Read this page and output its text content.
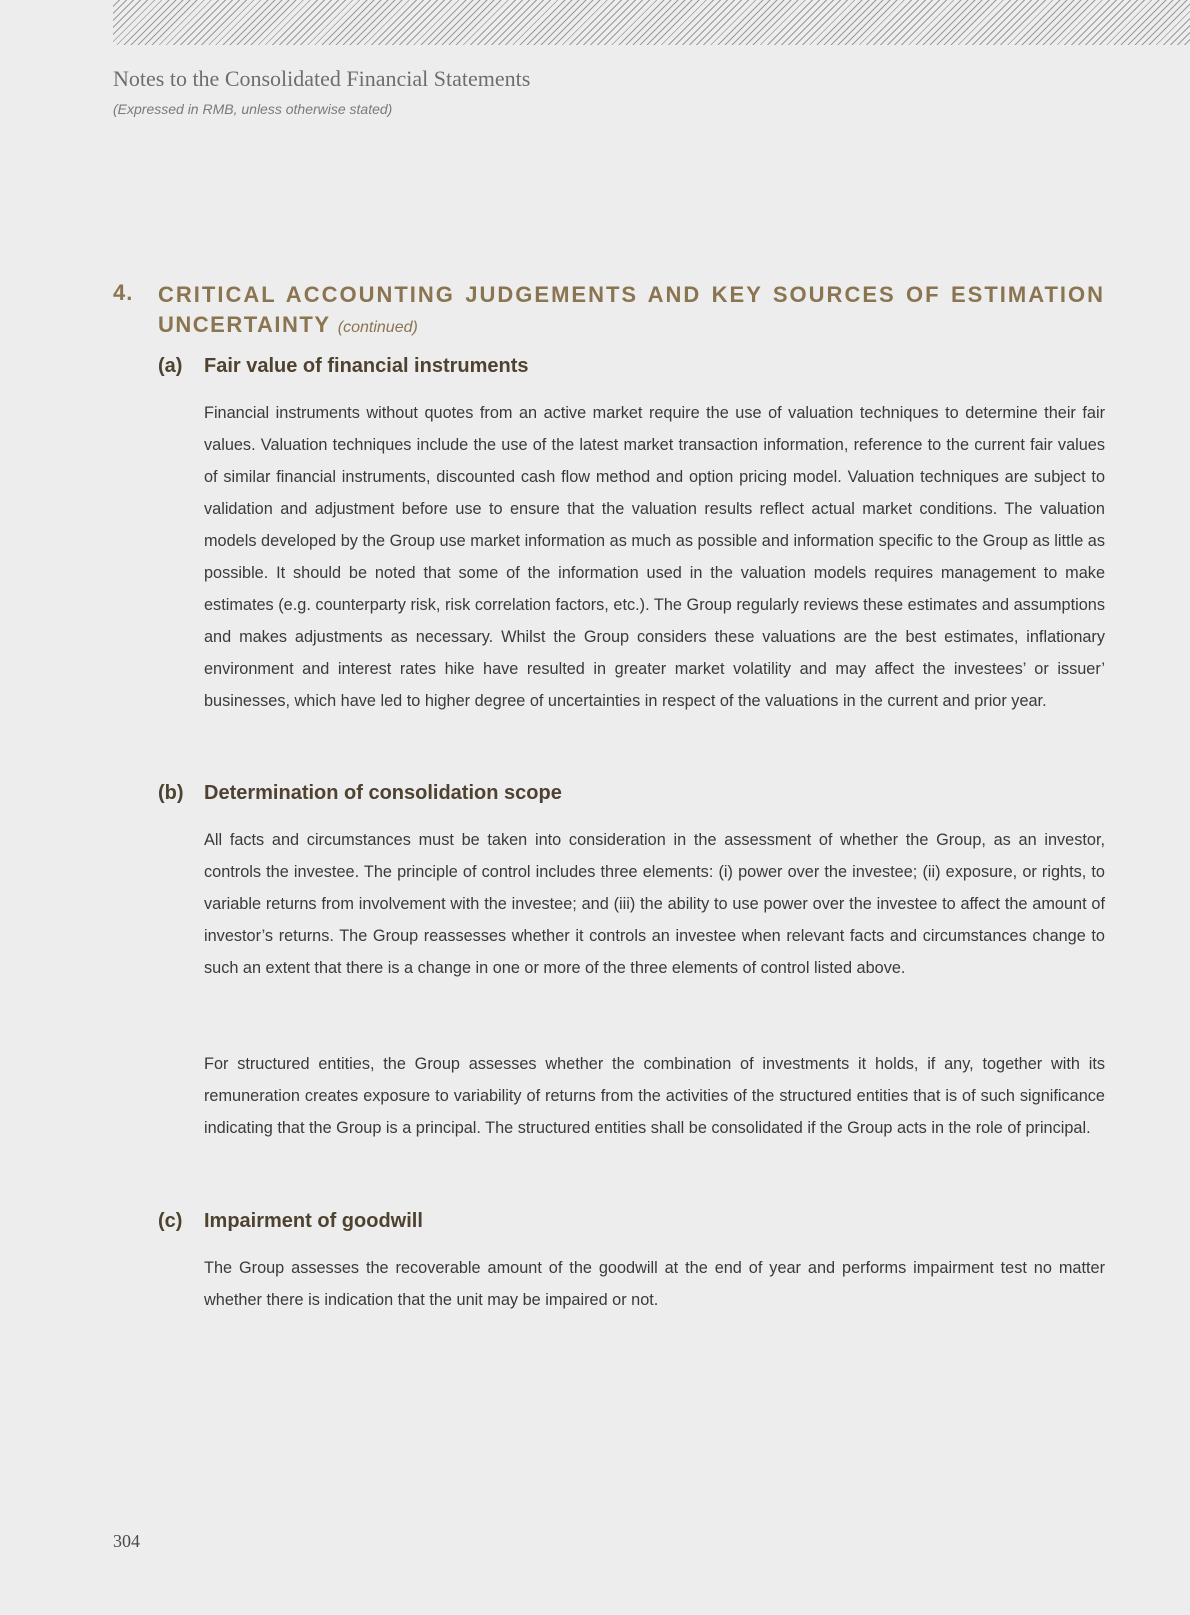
Notes to the Consolidated Financial Statements
(Expressed in RMB, unless otherwise stated)
4. CRITICAL ACCOUNTING JUDGEMENTS AND KEY SOURCES OF ESTIMATION
UNCERTAINTY (continued)
(a) Fair value of financial instruments

Financial instruments without quotes from an active market require the use of valuation techniques to determine their fair values. Valuation techniques include the use of the latest market transaction information, reference to the current fair values of similar financial instruments, discounted cash flow method and option pricing model. Valuation techniques are subject to validation and adjustment before use to ensure that the valuation results reflect actual market conditions. The valuation models developed by the Group use market information as much as possible and information specific to the Group as little as possible. It should be noted that some of the information used in the valuation models requires management to make estimates (e.g. counterparty risk, risk correlation factors, etc.). The Group regularly reviews these estimates and assumptions and makes adjustments as necessary. Whilst the Group considers these valuations are the best estimates, inflationary environment and interest rates hike have resulted in greater market volatility and may affect the investees’ or issuer’ businesses, which have led to higher degree of uncertainties in respect of the valuations in the current and prior year.

(b) Determination of consolidation scope

All facts and circumstances must be taken into consideration in the assessment of whether the Group, as an investor, controls the investee. The principle of control includes three elements: (i) power over the investee; (ii) exposure, or rights, to variable returns from involvement with the investee; and (iii) the ability to use power over the investee to affect the amount of investor’s returns. The Group reassesses whether it controls an investee when relevant facts and circumstances change to such an extent that there is a change in one or more of the three elements of control listed above.

For structured entities, the Group assesses whether the combination of investments it holds, if any, together with its remuneration creates exposure to variability of returns from the activities of the structured entities that is of such significance indicating that the Group is a principal. The structured entities shall be consolidated if the Group acts in the role of principal.

(c) Impairment of goodwill

The Group assesses the recoverable amount of the goodwill at the end of year and performs impairment test no matter whether there is indication that the unit may be impaired or not.

304
